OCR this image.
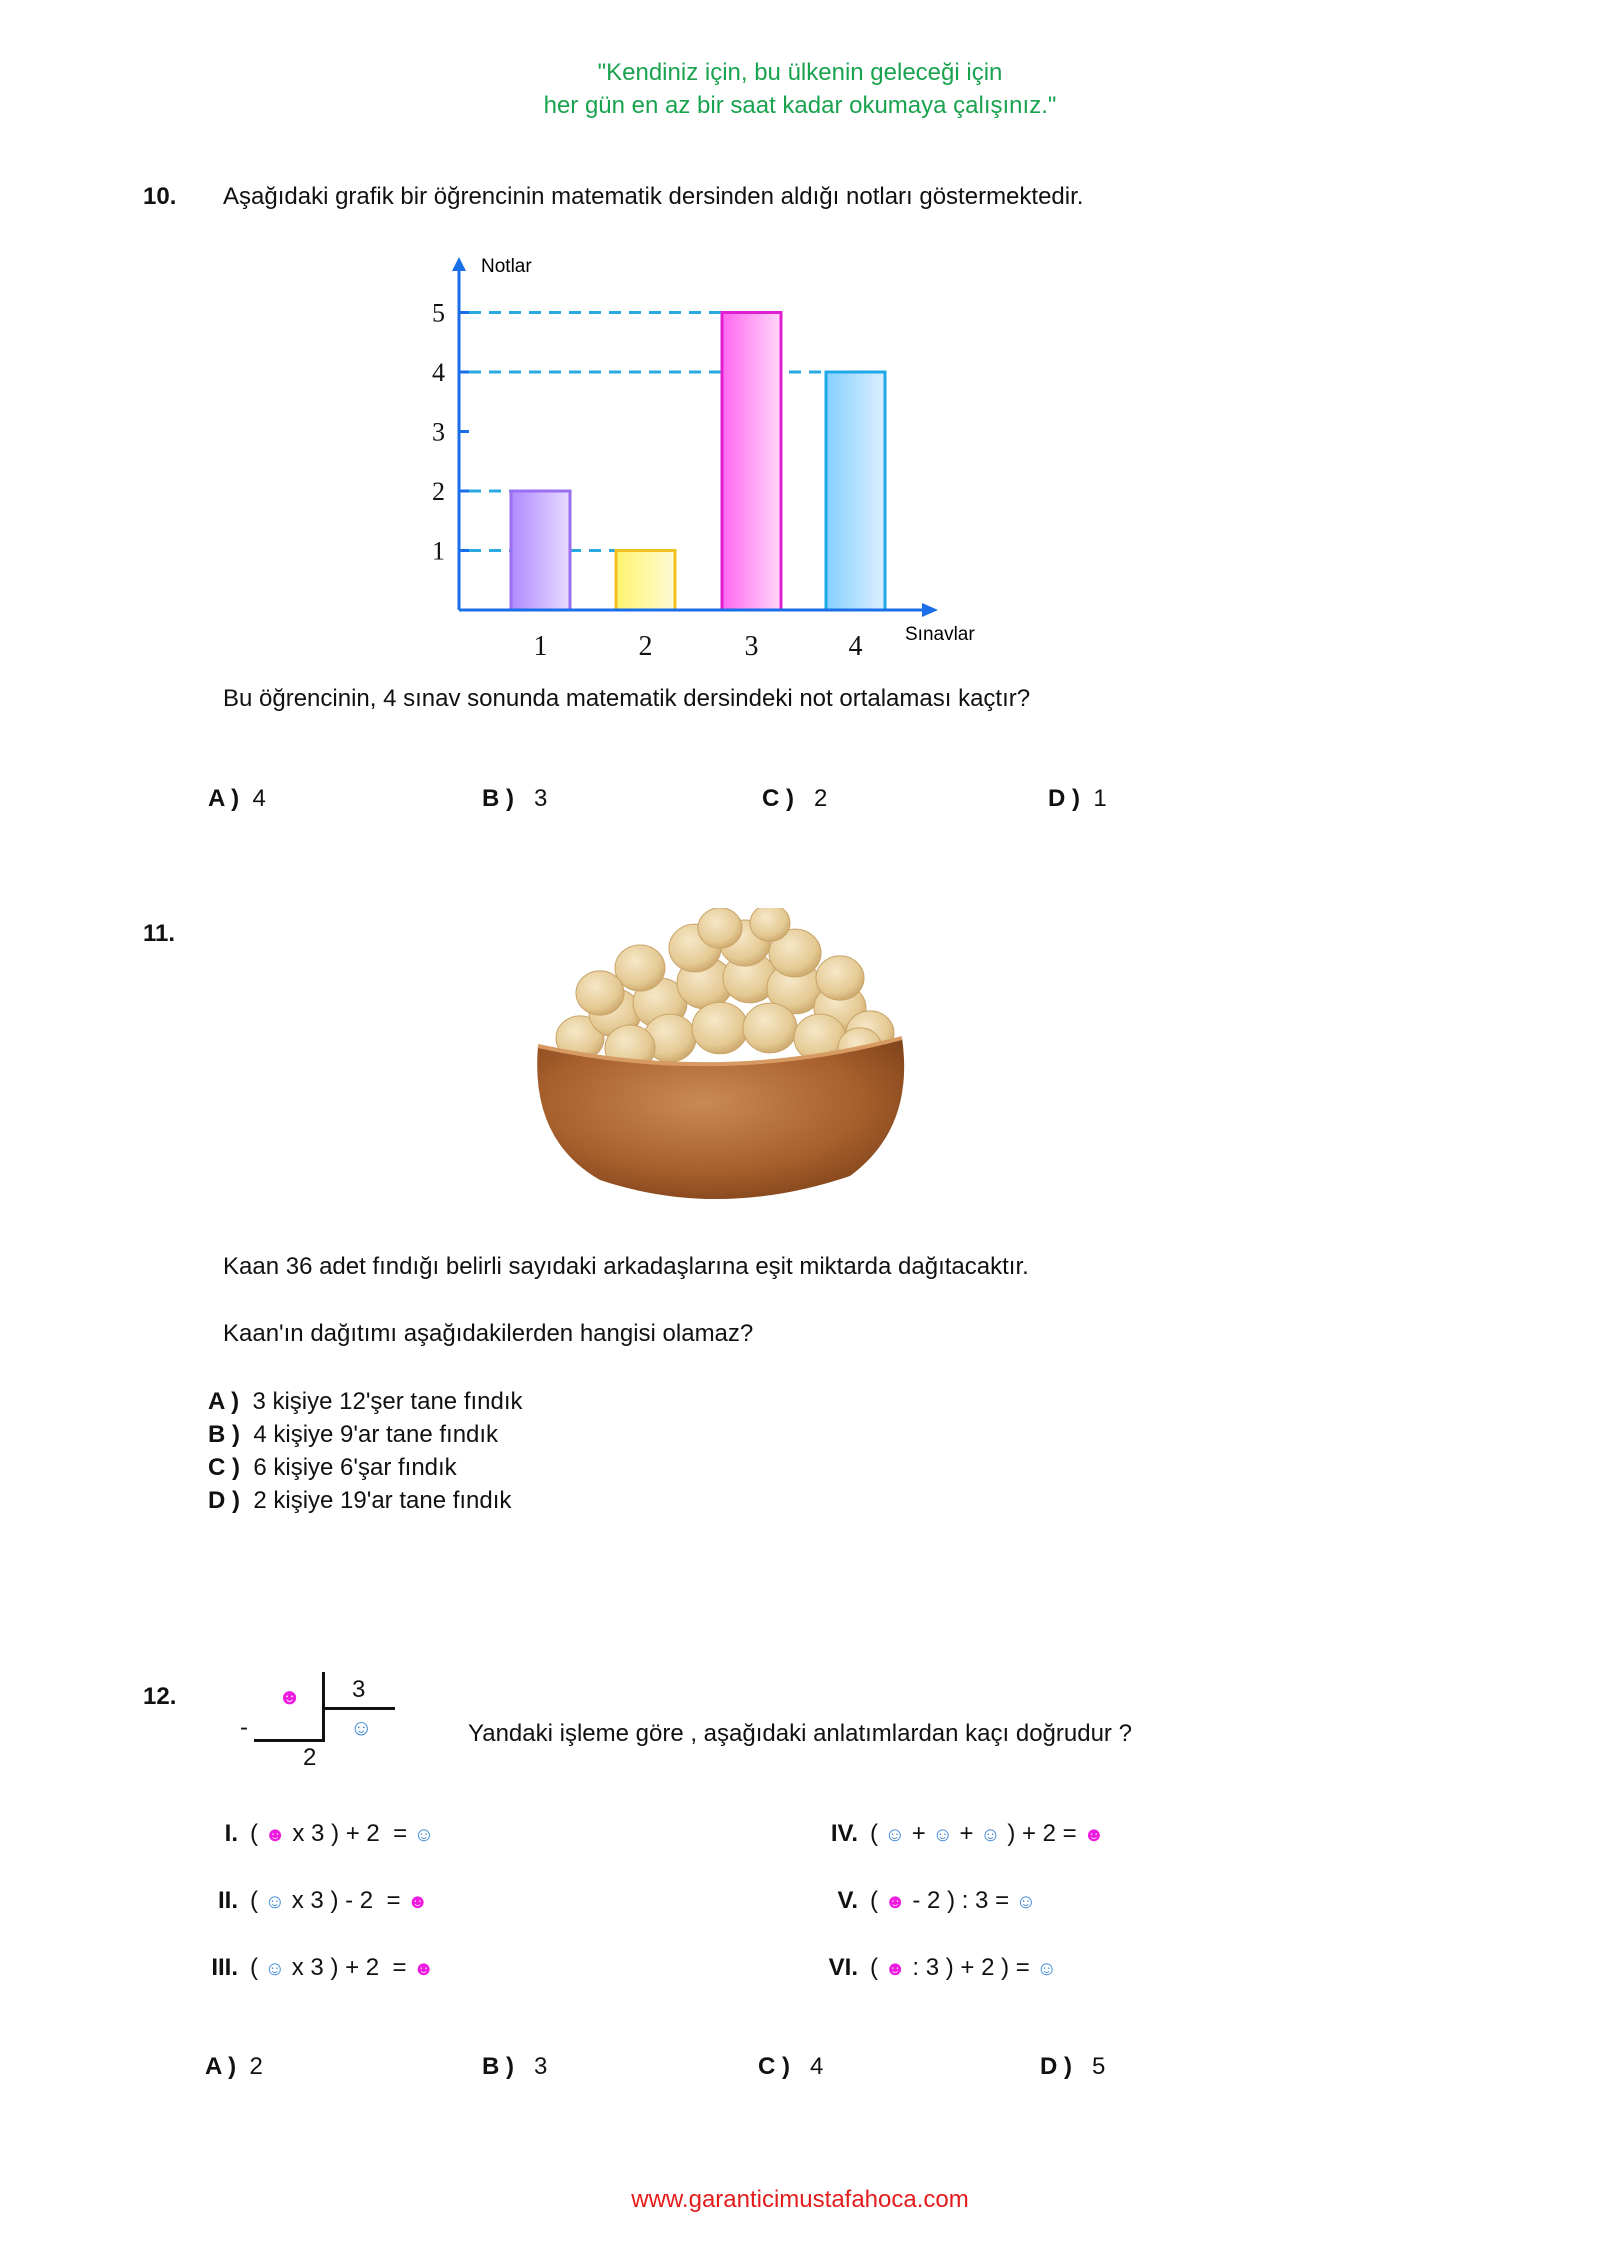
"Kendiniz için, bu ülkenin geleceği için
her gün en az bir saat kadar okumaya çalışınız."
10. Aşağıdaki grafik bir öğrencinin matematik dersinden aldığı notları göstermektedir.
1
2
3
4
5
1	2	3	4
Notlar
Sınavlar
Bu öğrencinin, 4 sınav sonunda matematik dersindeki not ortalaması kaçtır?
A ) 4	B ) 3	C ) 2	D ) 1
11.
Kaan 36 adet fındığı belirli sayıdaki arkadaşlarına eşit miktarda dağıtacaktır.
Kaan'ın dağıtımı aşağıdakilerden hangisi olamaz?
A ) 3 kişiye 12'şer tane fındık
B ) 4 kişiye 9'ar tane fındık
C ) 6 kişiye 6'şar fındık
D ) 2 kişiye 19'ar tane fındık
12.	☻ 3
☺
-
2
Yandaki işleme göre , aşağıdaki anlatımlardan kaçı doğrudur ?
I. ( ☻ x 3 ) + 2  = ☺
II. ( ☺ x 3 ) - 2  = ☻
III. ( ☺ x 3 ) + 2  = ☻
IV. ( ☺ + ☺ + ☺ ) + 2 = ☻
V. ( ☻ - 2 ) : 3 = ☺
VI. ( ☻ : 3 ) + 2 ) = ☺
A ) 2	B ) 3	C ) 4	D ) 5
www.garanticimustafahoca.com
